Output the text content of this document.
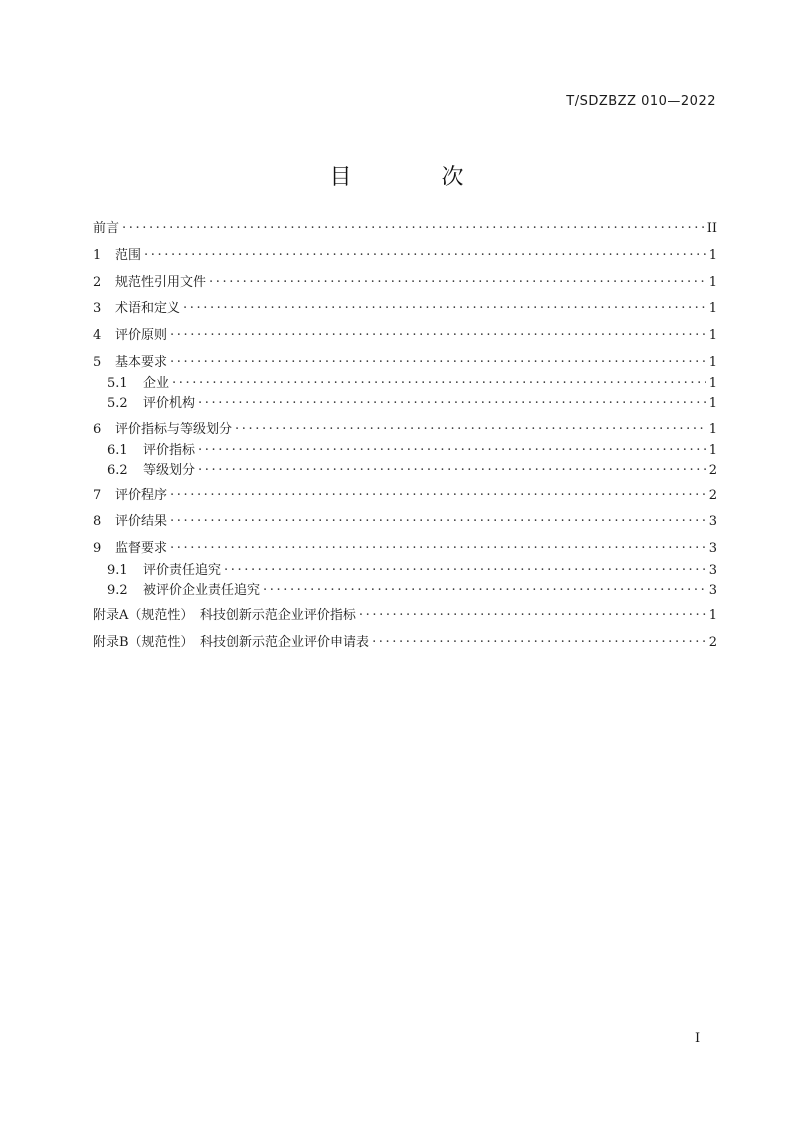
T/SDZBZZ 010—2022
目　次
前言 .....	II
1	范围 .....	1
2	规范性引用文件 .....	1
3	术语和定义 .....	1
4	评价原则 .....	1
5	基本要求 .....	1
5.1 企业 .....	1
5.2 评价机构 .....	1
6	评价指标与等级划分 .....	1
6.1 评价指标 .....	1
6.2 等级划分 .....	2
7	评价程序 .....	2
8	评价结果 .....	3
9	监督要求 .....	3
9.1 评价责任追究 .....	3
9.2 被评价企业责任追究 .....	3
附录A（规范性）　科技创新示范企业评价指标 .....	1
附录B（规范性）　科技创新示范企业评价申请表 .....	2
I
